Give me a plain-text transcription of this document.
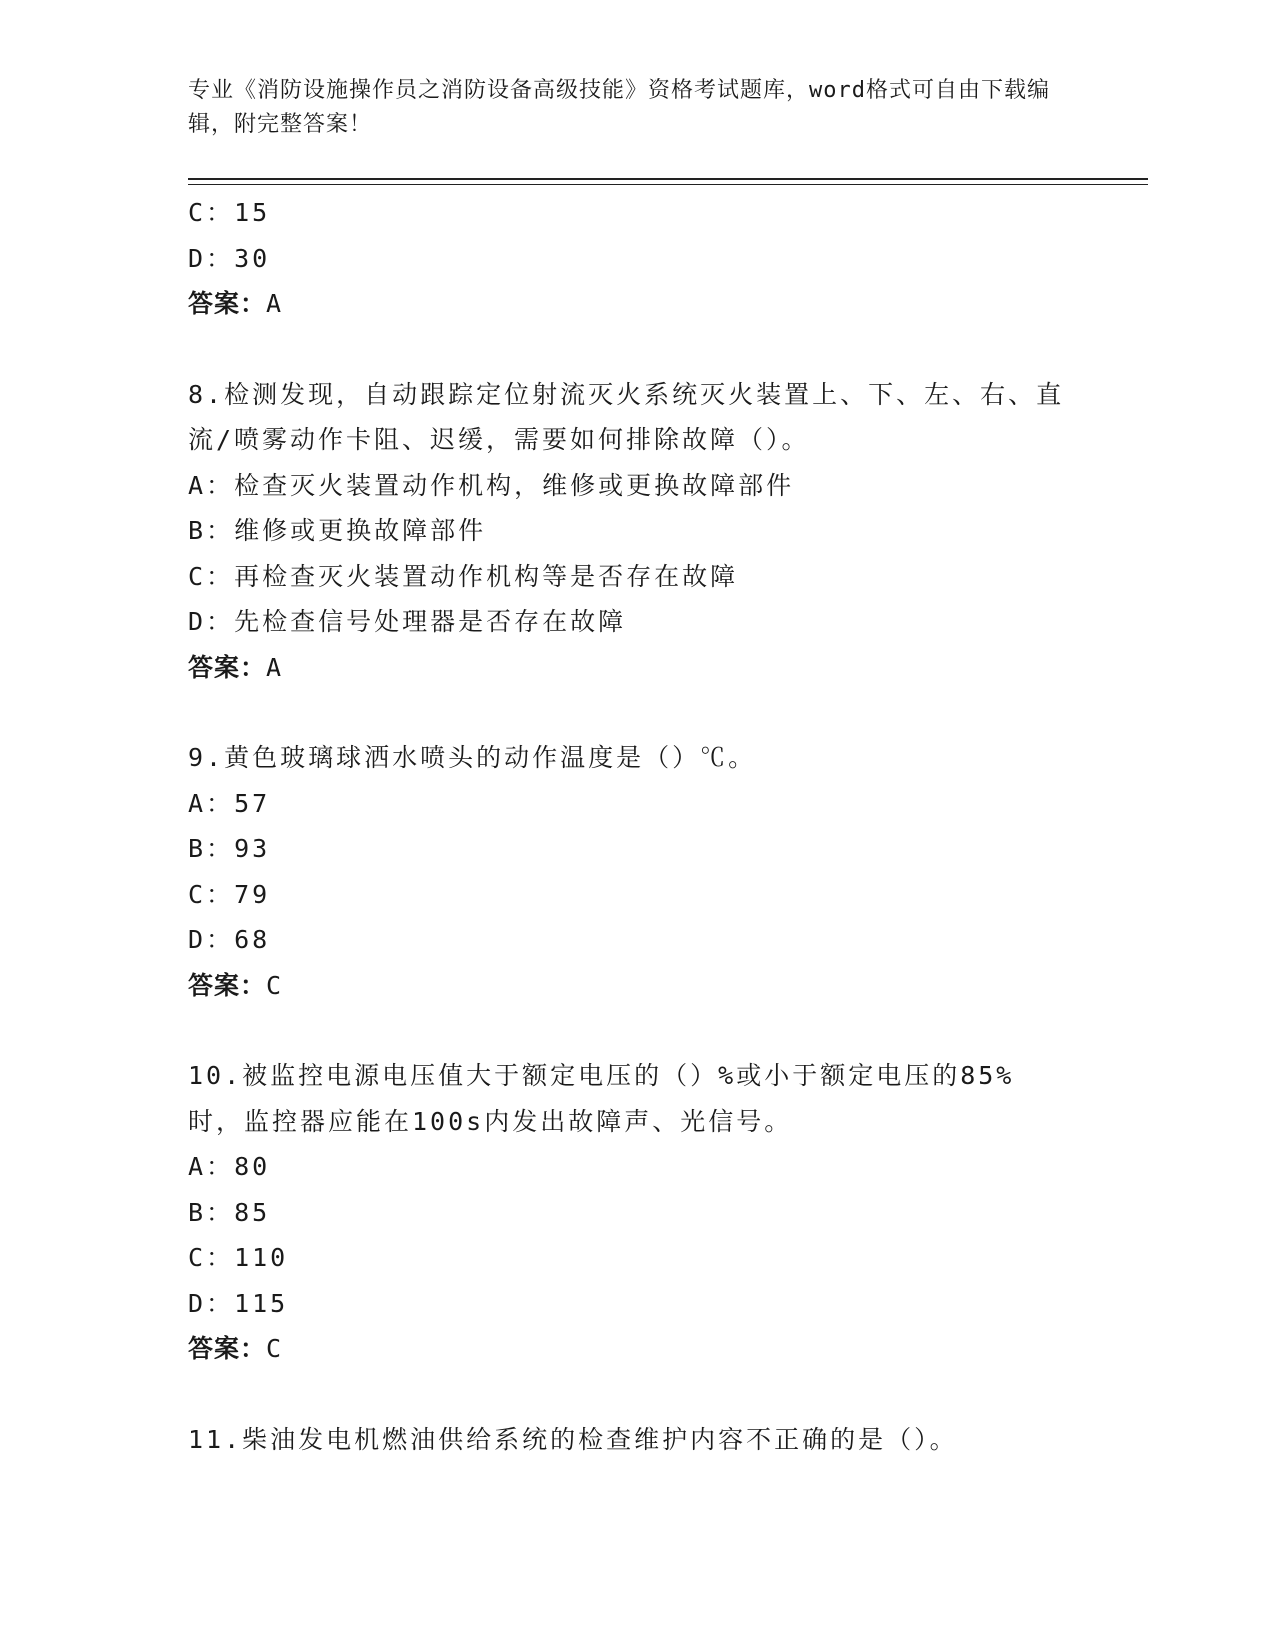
专业《消防设施操作员之消防设备高级技能》资格考试题库，word格式可自由下载编辑，附完整答案！

C：15
D：30
答案：A
8.检测发现，自动跟踪定位射流灭火系统灭火装置上、下、左、右、直流/喷雾动作卡阻、迟缓，需要如何排除故障（）。
A：检查灭火装置动作机构，维修或更换故障部件
B：维修或更换故障部件
C：再检查灭火装置动作机构等是否存在故障
D：先检查信号处理器是否存在故障
答案：A
9.黄色玻璃球洒水喷头的动作温度是（）℃。
A：57
B：93
C：79
D：68
答案：C
10.被监控电源电压值大于额定电压的（）%或小于额定电压的85%时，监控器应能在100s内发出故障声、光信号。
A：80
B：85
C：110
D：115
答案：C
11.柴油发电机燃油供给系统的检查维护内容不正确的是（）。
